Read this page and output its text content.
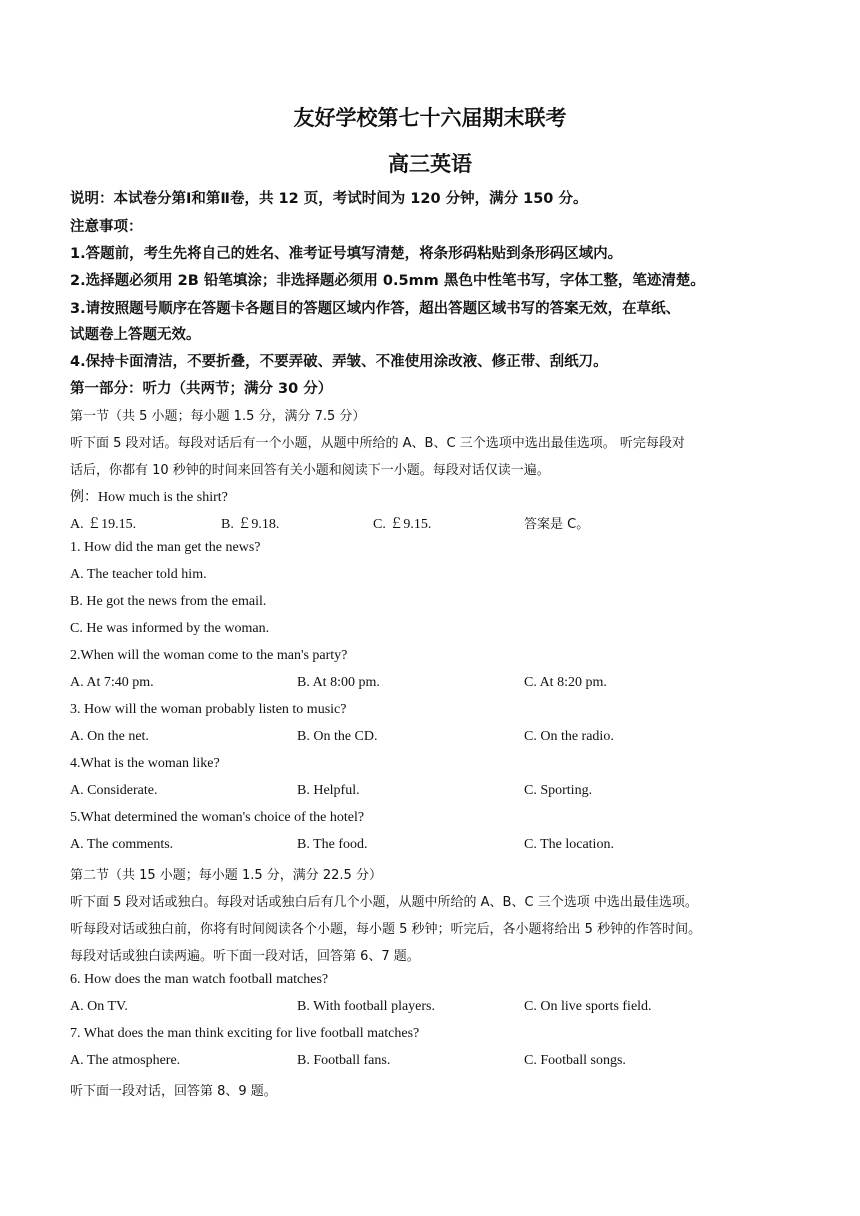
友好学校第七十六届期末联考
高三英语
说明：本试卷分第Ⅰ和第Ⅱ卷，共 12 页，考试时间为 120 分钟，满分 150 分。
注意事项：
1.答题前，考生先将自己的姓名、准考证号填写清楚，将条形码粘贴到条形码区域内。
2.选择题必须用 2B 铅笔填涂；非选择题必须用 0.5mm 黑色中性笔书写，字体工整，笔迹清楚。
3.请按照题号顺序在答题卡各题目的答题区域内作答，超出答题区域书写的答案无效，在草纸、
试题卷上答题无效。
4.保持卡面清洁，不要折叠，不要弄破、弄皱、不准使用涂改液、修正带、刮纸刀。
第一部分：听力（共两节；满分 30 分）
第一节（共 5 小题；每小题 1.5 分，满分 7.5 分）
听下面 5 段对话。每段对话后有一个小题，从题中所给的 A、B、C 三个选项中选出最佳选项。 听完每段对
话后，你都有 10 秒钟的时间来回答有关小题和阅读下一小题。每段对话仅读一遍。
例：How much is the shirt?
A. ￡19.15.	B. ￡9.18.	C. ￡9.15.	答案是 C。
1. How did the man get the news?
A. The teacher told him.
B. He got the news from the email.
C. He was informed by the woman.
2.When will the woman come to the man's party?
A. At 7:40 pm.	B. At 8:00 pm.	C. At 8:20 pm.
3. How will the woman probably listen to music?
A. On the net.	B. On the CD.	C. On the radio.
4.What is the woman like?
A. Considerate.	B. Helpful.	C. Sporting.
5.What determined the woman's choice of the hotel?
A. The comments.	B. The food.	C. The location.
第二节（共 15 小题；每小题 1.5 分，满分 22.5 分）
听下面 5 段对话或独白。每段对话或独白后有几个小题，从题中所给的 A、B、C 三个选项 中选出最佳选项。
听每段对话或独白前，你将有时间阅读各个小题，每小题 5 秒钟；听完后，各小题将给出 5 秒钟的作答时间。
每段对话或独白读两遍。听下面一段对话，回答第 6、7 题。
6. How does the man watch football matches?
A. On TV.	B. With football players.	C. On live sports field.
7. What does the man think exciting for live football matches?
A. The atmosphere.	B. Football fans.	C. Football songs.
听下面一段对话，回答第 8、9 题。
